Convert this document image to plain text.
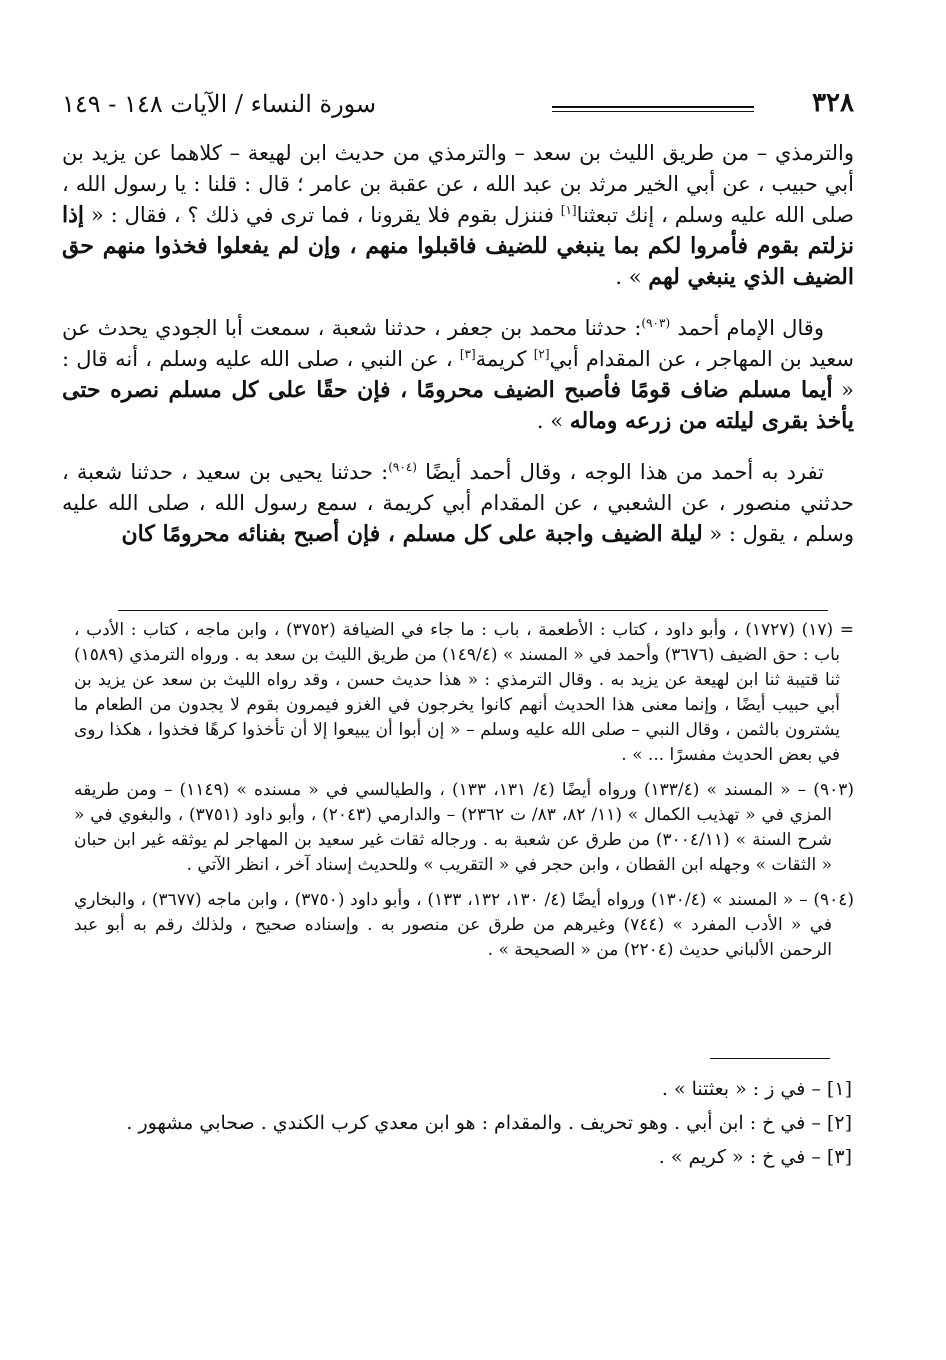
٣٢٨
سورة النساء / الآيات ١٤٨ - ١٤٩

والترمذي – من طريق الليث بن سعد – والترمذي من حديث ابن لهيعة – كلاهما عن يزيد بن أبي حبيب ، عن أبي الخير مرثد بن عبد الله ، عن عقبة بن عامر ؛ قال : قلنا : يا رسول الله ، صلى الله عليه وسلم ، إنك تبعثنا[١] فننزل بقوم فلا يقرونا ، فما ترى في ذلك ؟ ، فقال : « إذا نزلتم بقوم فأمروا لكم بما ينبغي للضيف فاقبلوا منهم ، وإن لم يفعلوا فخذوا منهم حق الضيف الذي ينبغي لهم » .

وقال الإمام أحمد $^{(٩٠٣)}$: حدثنا محمد بن جعفر ، حدثنا شعبة ، سمعت أبا الجودي يحدث عن سعيد بن المهاجر ، عن المقدام أبي[٢] كريمة[٣] ، عن النبي ، صلى الله عليه وسلم ، أنه قال : « أيما مسلم ضاف قومًا فأصبح الضيف محرومًا ، فإن حقًا على كل مسلم نصره حتى يأخذ بقرى ليلته من زرعه وماله » .

تفرد به أحمد من هذا الوجه ، وقال أحمد أيضًا $^{(٩٠٤)}$: حدثنا يحيى بن سعيد ، حدثنا شعبة ، حدثني منصور ، عن الشعبي ، عن المقدام أبي كريمة ، سمع رسول الله ، صلى الله عليه وسلم ، يقول : « ليلة الضيف واجبة على كل مسلم ، فإن أصبح بفنائه محرومًا كان

= (١٧) (١٧٢٧) ، وأبو داود ، كتاب : الأطعمة ، باب : ما جاء في الضيافة (٣٧٥٢) ، وابن ماجه ، كتاب : الأدب ، باب : حق الضيف (٣٦٧٦) وأحمد في « المسند » (١٤٩/٤) من طريق الليث بن سعد به . ورواه الترمذي (١٥٨٩) ثنا قتيبة ثنا ابن لهيعة عن يزيد به . وقال الترمذي : « هذا حديث حسن ، وقد رواه الليث بن سعد عن يزيد بن أبي حبيب أيضًا ، وإنما معنى هذا الحديث أنهم كانوا يخرجون في الغزو فيمرون بقوم لا يجدون من الطعام ما يشترون بالثمن ، وقال النبي – صلى الله عليه وسلم – « إن أبوا أن يبيعوا إلا أن تأخذوا كرهًا فخذوا ، هكذا روى في بعض الحديث مفسرًا ... » .

(٩٠٣) – « المسند » (١٣٣/٤) ورواه أيضًا (٤/ ١٣١، ١٣٣) ، والطيالسي في « مسنده » (١١٤٩) – ومن طريقه المزي في « تهذيب الكمال » (١١/ ٨٢، ٨٣/ ت ٢٣٦٢) – والدارمي (٢٠٤٣) ، وأبو داود (٣٧٥١) ، والبغوي في « شرح السنة » (٣٠٠٤/١١) من طرق عن شعبة به . ورجاله ثقات غير سعيد بن المهاجر لم يوثقه غير ابن حبان « الثقات » وجهله ابن القطان ، وابن حجر في « التقريب » وللحديث إسناد آخر ، انظر الآتي .

(٩٠٤) – « المسند » (١٣٠/٤) ورواه أيضًا (٤/ ١٣٠، ١٣٢، ١٣٣) ، وأبو داود (٣٧٥٠) ، وابن ماجه (٣٦٧٧) ، والبخاري في « الأدب المفرد » (٧٤٤) وغيرهم من طرق عن منصور به . وإسناده صحيح ، ولذلك رقم به أبو عبد الرحمن الألباني حديث (٢٢٠٤) من « الصحيحة » .

[١] – في ز : « بعثتنا » .

[٢] – في خ : ابن أبي . وهو تحريف . والمقدام : هو ابن معدي كرب الكندي . صحابي مشهور .

[٣] – في خ : « كريم » .
